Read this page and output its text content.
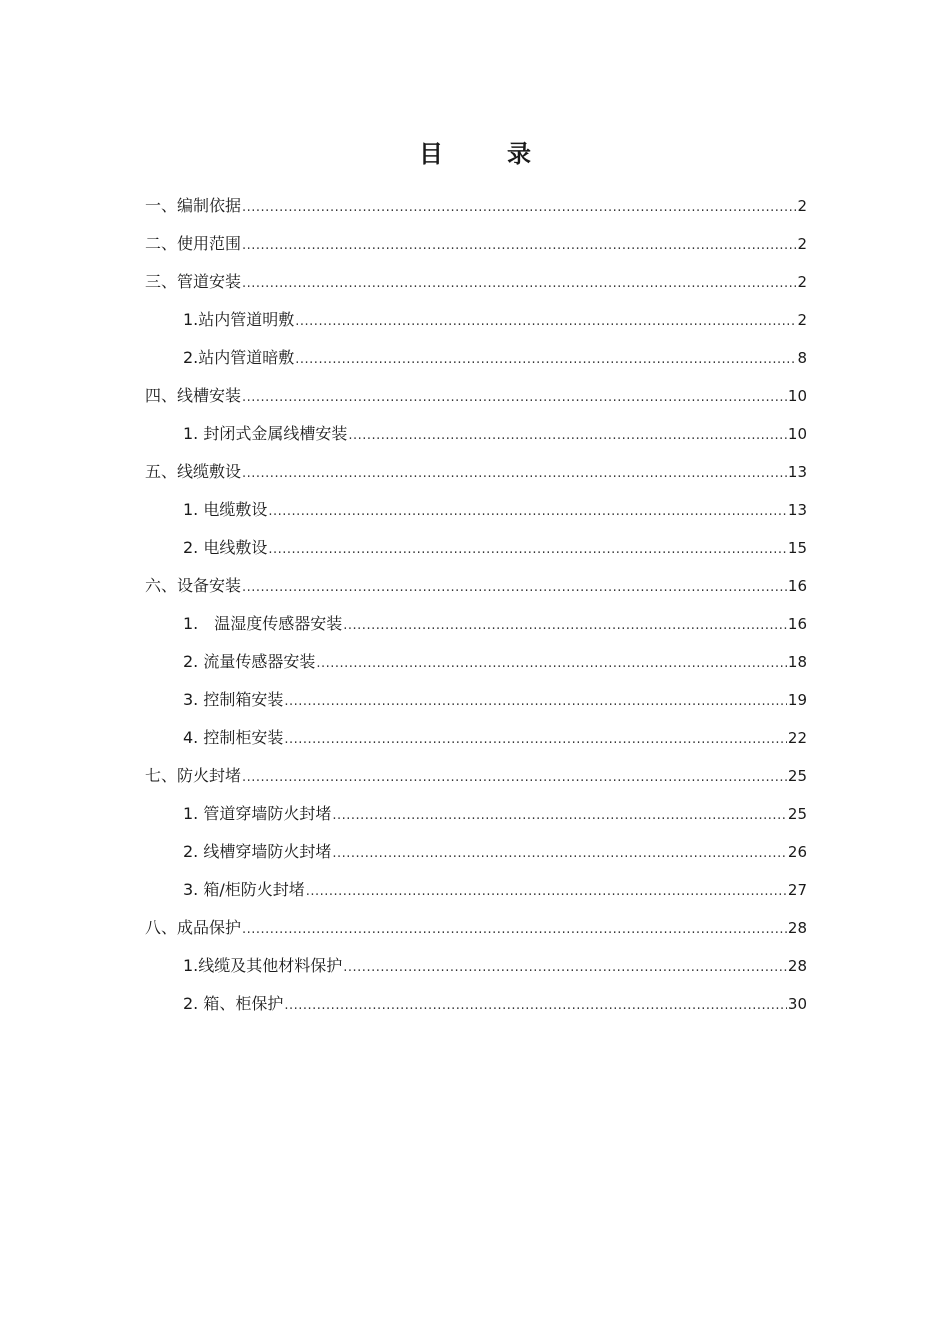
目　录
一、编制依据 .....	2
二、使用范围 .....	2
三、管道安装 .....	2
1.站内管道明敷 .....	2
2.站内管道暗敷 .....	8
四、线槽安装 .....	10
1. 封闭式金属线槽安装 .....	10
五、线缆敷设 .....	13
1. 电缆敷设 .....	13
2. 电线敷设 .....	15
六、设备安装 .....	16
1.　温湿度传感器安装 .....	16
2. 流量传感器安装 .....	18
3. 控制箱安装 .....	19
4. 控制柜安装 .....	22
七、防火封堵 .....	25
1. 管道穿墙防火封堵 .....	25
2. 线槽穿墙防火封堵 .....	26
3. 箱/柜防火封堵 .....	27
八、成品保护 .....	28
1.线缆及其他材料保护 .....	28
2. 箱、柜保护 .....	30
